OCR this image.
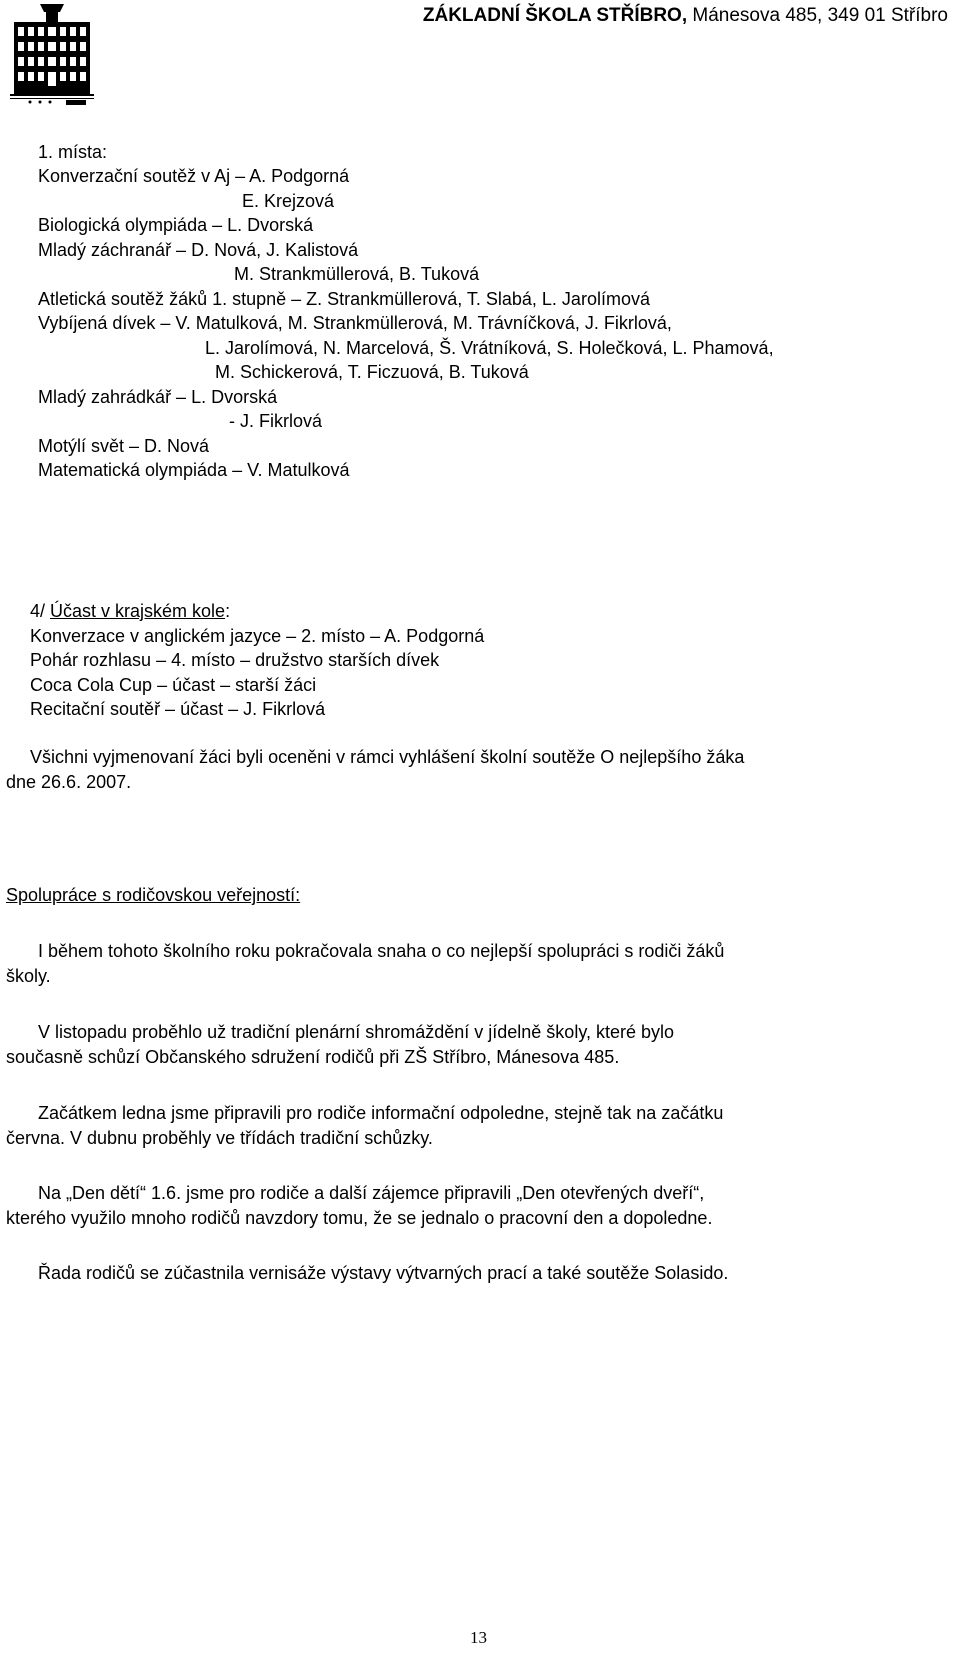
ZÁKLADNÍ ŠKOLA STŘÍBRO, Mánesova 485, 349 01 Stříbro
1. místa:
Konverzační soutěž v Aj – A. Podgorná
E. Krejzová
Biologická olympiáda – L. Dvorská
Mladý záchranář – D. Nová, J. Kalistová
M. Strankmüllerová, B. Tuková
Atletická soutěž žáků 1. stupně – Z. Strankmüllerová, T. Slabá, L. Jarolímová
Vybíjená dívek – V. Matulková, M. Strankmüllerová, M. Trávníčková, J. Fikrlová,
L. Jarolímová, N. Marcelová, Š. Vrátníková, S. Holečková, L. Phamová,
M. Schickerová, T. Ficzuová, B. Tuková
Mladý zahrádkář – L. Dvorská
- J. Fikrlová
Motýlí svět – D. Nová
Matematická olympiáda – V. Matulková
4/ Účast v krajském kole:
Konverzace v anglickém jazyce – 2. místo – A. Podgorná
Pohár rozhlasu – 4. místo – družstvo starších dívek
Coca Cola Cup – účast – starší žáci
Recitační soutěř – účast – J. Fikrlová
Všichni vyjmenovaní žáci byli oceněni v rámci vyhlášení školní soutěže O nejlepšího žáka
dne 26.6. 2007.
Spolupráce s rodičovskou veřejností:
I během tohoto školního roku pokračovala snaha o co nejlepší spolupráci s rodiči žáků
školy.
V listopadu proběhlo už tradiční plenární shromáždění v jídelně školy, které bylo
současně schůzí Občanského sdružení rodičů při ZŠ Stříbro, Mánesova 485.
Začátkem ledna jsme připravili pro rodiče informační odpoledne, stejně tak na začátku
června. V dubnu proběhly ve třídách tradiční schůzky.
Na „Den dětí“ 1.6. jsme pro rodiče a další zájemce připravili „Den otevřených dveří“,
kterého využilo mnoho rodičů navzdory tomu, že se jednalo o pracovní den a dopoledne.
Řada rodičů se zúčastnila vernisáže výstavy výtvarných prací a také soutěže Solasido.
13
